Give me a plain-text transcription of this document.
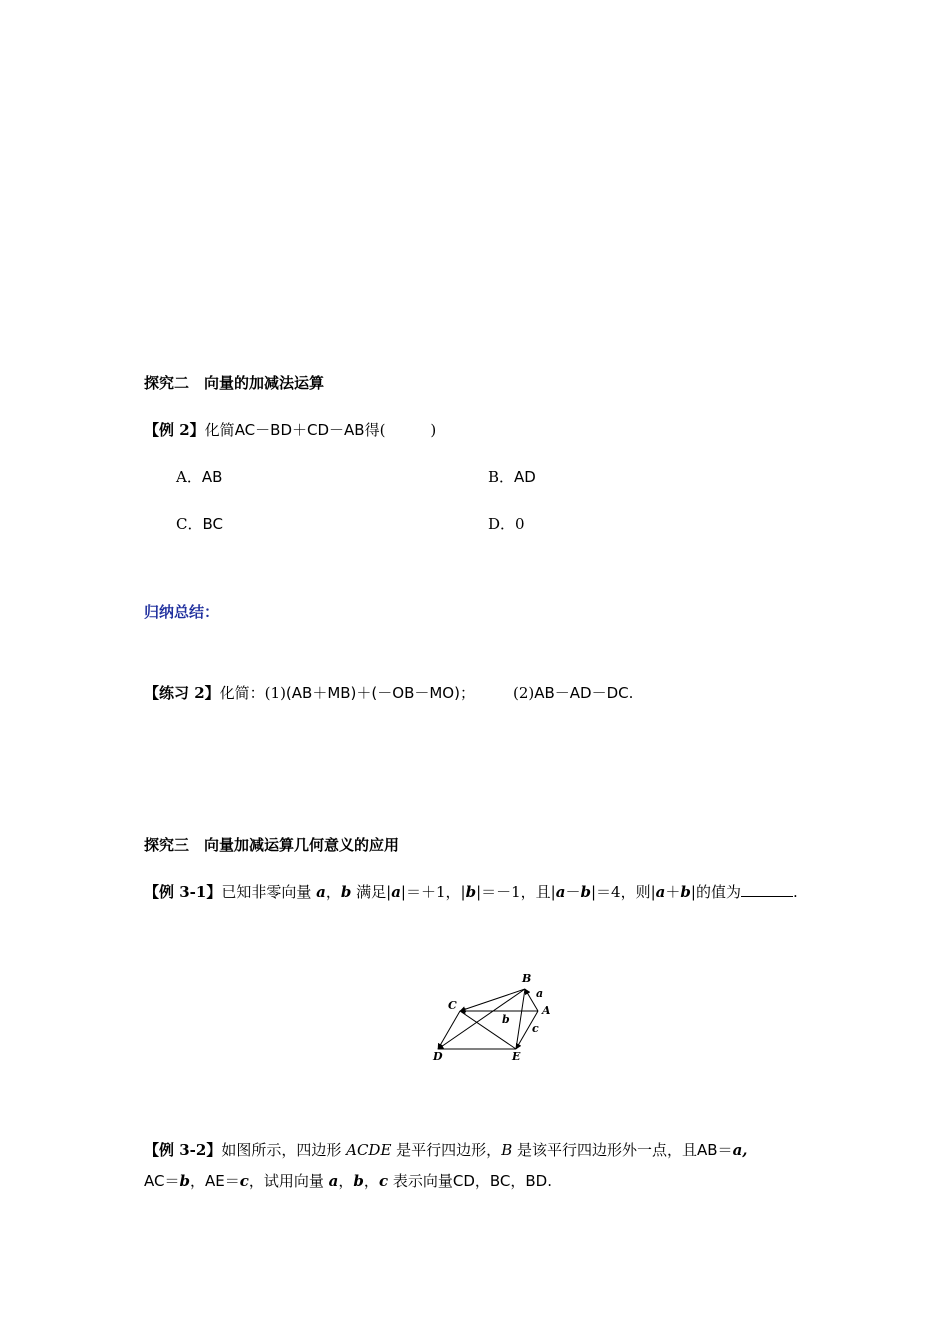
探究二　向量的加减法运算
【例 2】化简AC－BD＋CD－AB得(　　　)
A．AB	B．AD
C．BC	D．0
归纳总结：
【练习 2】化简：(1)(AB＋MB)＋(－OB－MO)；	(2)AB－AD－DC.
探究三　向量加减运算几何意义的应用
【例 3-1】已知非零向量 a，b 满足|a|＝＋1，|b|＝－1，且|a－b|＝4，则|a＋b|的值为	.
B
C	A
D	E
a
b
c
【例 3-2】如图所示，四边形 ACDE 是平行四边形，B 是该平行四边形外一点，且AB＝a,
AC＝b，AE＝c，试用向量 a，b，c 表示向量CD，BC，BD.
